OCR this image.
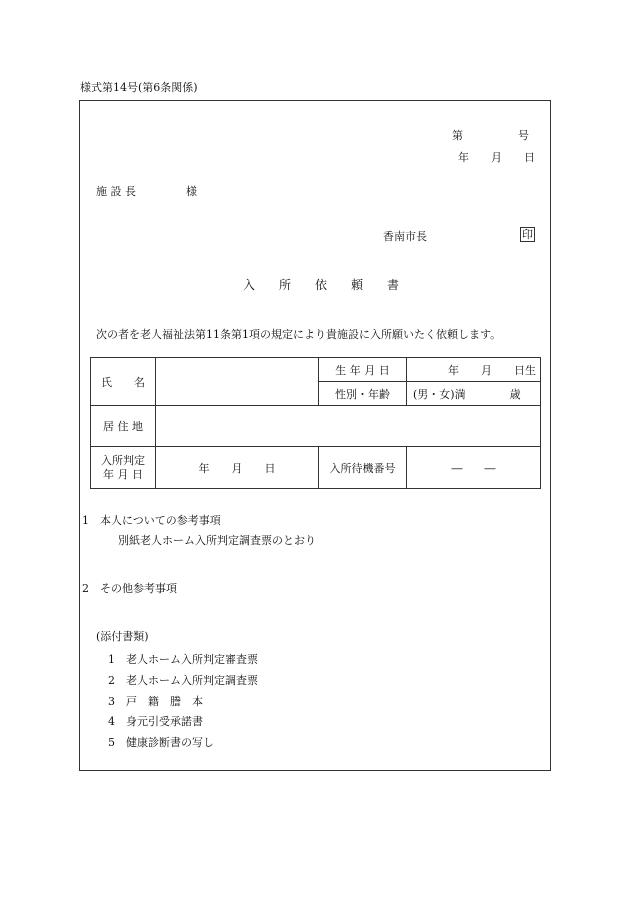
様式第14号(第6条関係)
第　　　　　号
年　　月　　日
施 設 長	様
香南市長	印
入　　所　　依　　頼　　書
次の者を老人福祉法第11条第1項の規定により貴施設に入所願いたく依頼します。
氏　　名		生 年 月 日	年　　月　　日生
		性別・年齢	(男・女)満　　　　歳
居 住 地			

入所判定
年 月 日	年　　月　　日	入所待機番号	―　　―
1　本人についての参考事項
別紙老人ホーム入所判定調査票のとおり
2　その他参考事項
(添付書類)
1　老人ホーム入所判定審査票
2　老人ホーム入所判定調査票
3　戸　籍　謄　本
4　身元引受承諾書
5　健康診断書の写し
